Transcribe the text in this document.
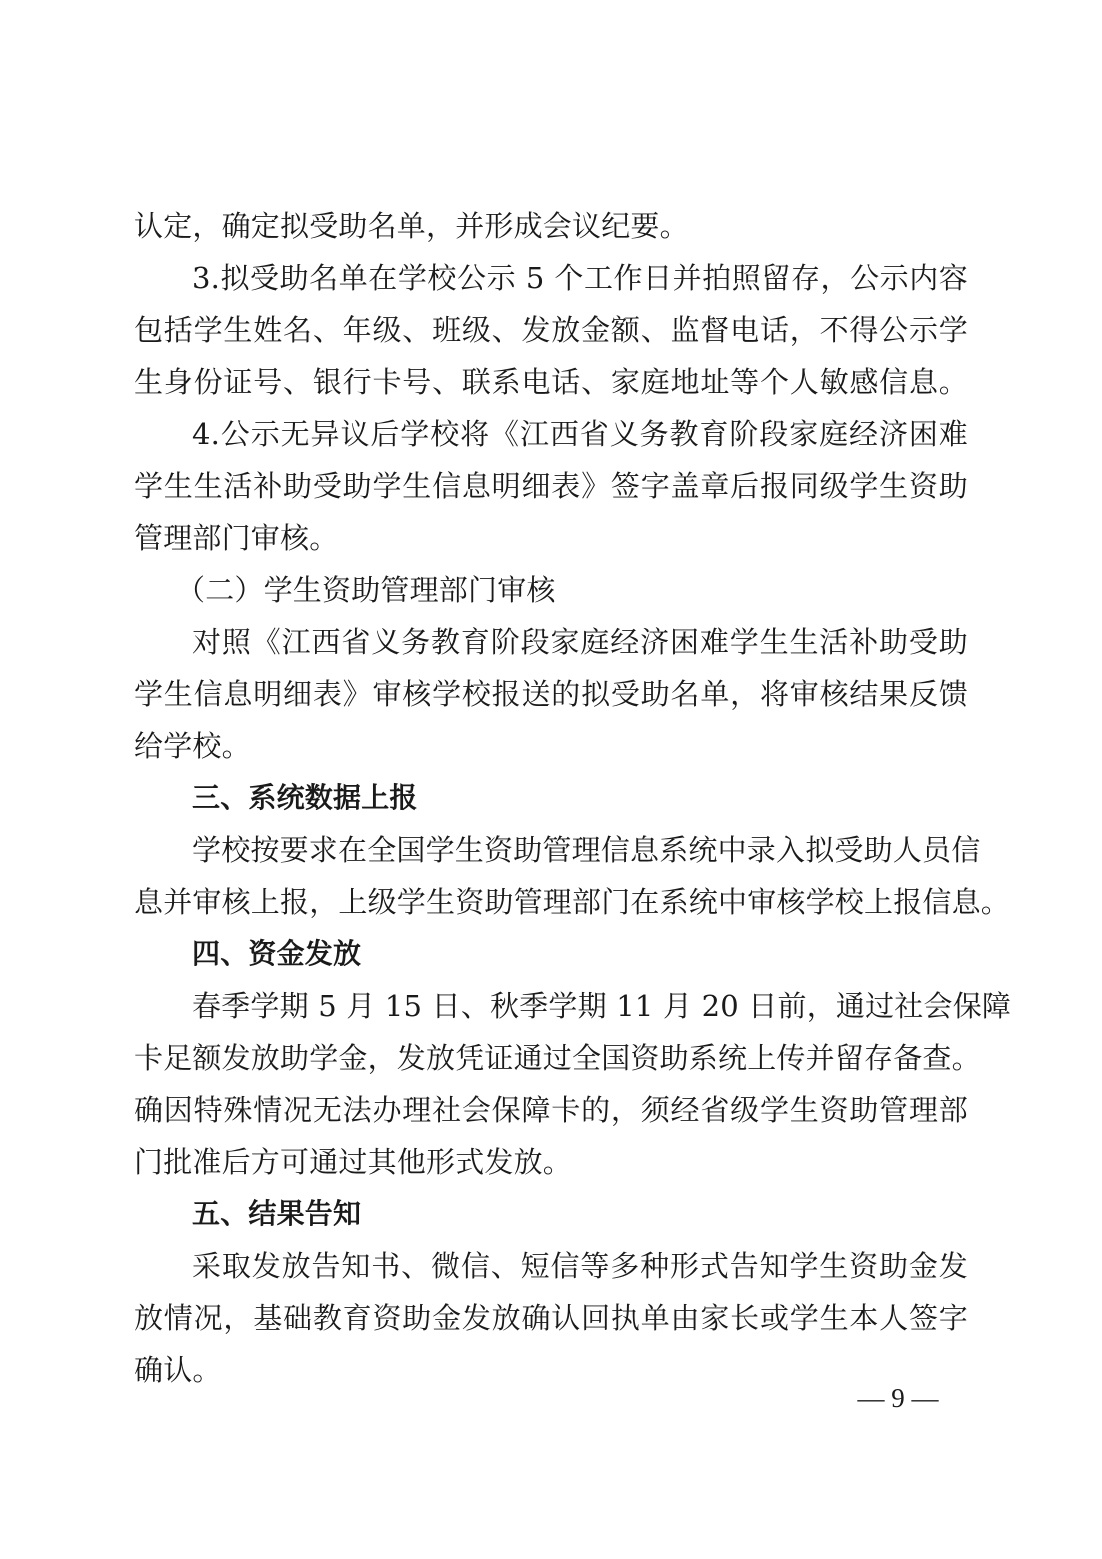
认定，确定拟受助名单，并形成会议纪要。
3.拟受助名单在学校公示 5 个工作日并拍照留存，公示内容
包括学生姓名、年级、班级、发放金额、监督电话，不得公示学
生身份证号、银行卡号、联系电话、家庭地址等个人敏感信息。
4.公示无异议后学校将《江西省义务教育阶段家庭经济困难
学生生活补助受助学生信息明细表》签字盖章后报同级学生资助
管理部门审核。
（二）学生资助管理部门审核
对照《江西省义务教育阶段家庭经济困难学生生活补助受助
学生信息明细表》审核学校报送的拟受助名单，将审核结果反馈
给学校。
三、系统数据上报
学校按要求在全国学生资助管理信息系统中录入拟受助人员信
息并审核上报，上级学生资助管理部门在系统中审核学校上报信息。
四、资金发放
春季学期 5 月 15 日、秋季学期 11 月 20 日前，通过社会保障
卡足额发放助学金，发放凭证通过全国资助系统上传并留存备查。
确因特殊情况无法办理社会保障卡的，须经省级学生资助管理部
门批准后方可通过其他形式发放。
五、结果告知
采取发放告知书、微信、短信等多种形式告知学生资助金发
放情况，基础教育资助金发放确认回执单由家长或学生本人签字
确认。
— 9 —
